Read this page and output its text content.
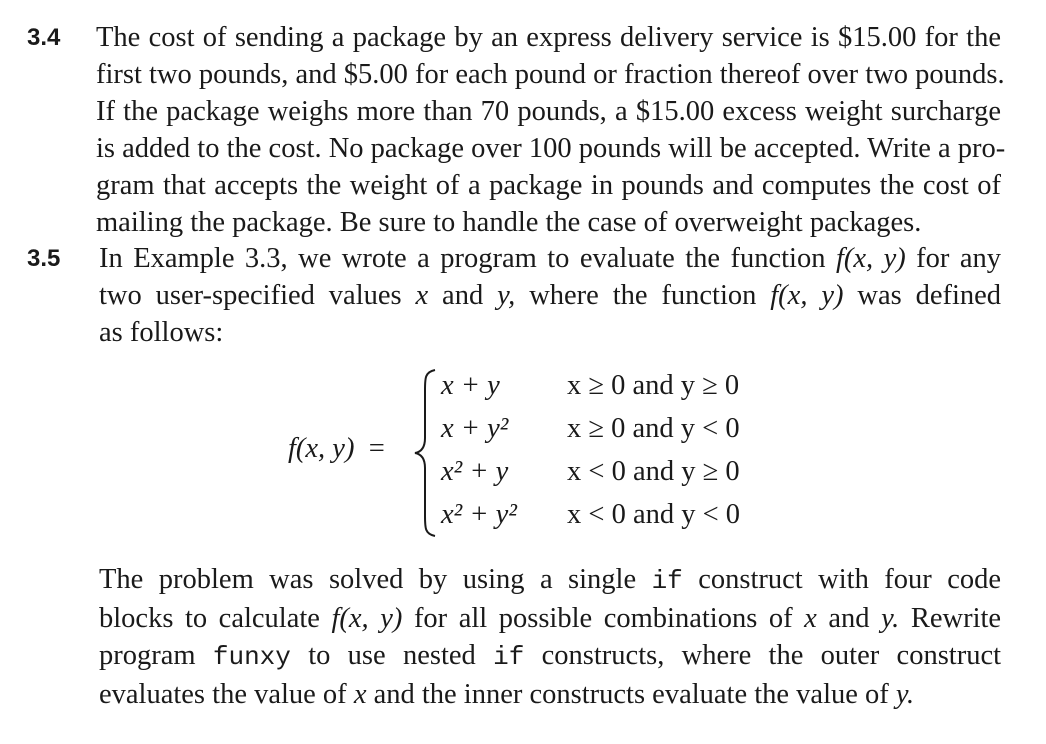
3.4 The cost of sending a package by an express delivery service is $15.00 for the
first two pounds, and $5.00 for each pound or fraction thereof over two pounds.
If the package weighs more than 70 pounds, a $15.00 excess weight surcharge
is added to the cost. No package over 100 pounds will be accepted. Write a pro-
gram that accepts the weight of a package in pounds and computes the cost of
mailing the package. Be sure to handle the case of overweight packages.
3.5 In Example 3.3, we wrote a program to evaluate the function f(x, y) for any
two user-specified values x and y, where the function f(x, y) was defined
as follows:
f(x, y) =
x + y
x + y²
x² + y
x² + y²
x ≥ 0 and y ≥ 0
x ≥ 0 and y < 0
x < 0 and y ≥ 0
x < 0 and y < 0
The problem was solved by using a single if construct with four code
blocks to calculate f(x, y) for all possible combinations of x and y. Rewrite
program funxy to use nested if constructs, where the outer construct
evaluates the value of x and the inner constructs evaluate the value of y.
